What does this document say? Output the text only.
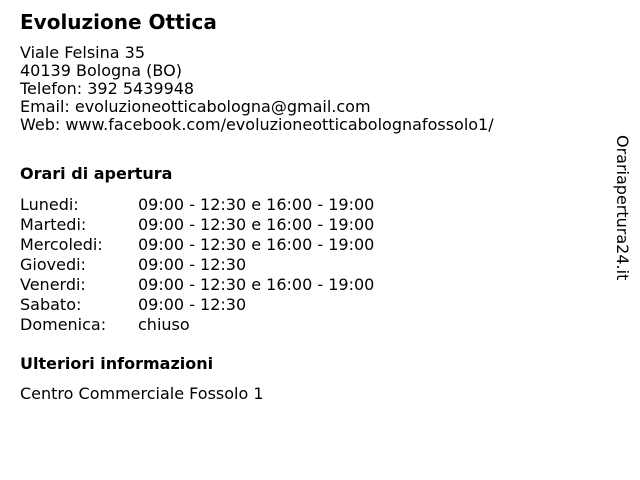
Evoluzione Ottica
Viale Felsina 35
40139 Bologna (BO)
Telefon: 392 5439948
Email: evoluzioneotticabologna@gmail.com
Web: www.facebook.com/evoluzioneotticabolognafossolo1/
Orari di apertura
Lunedi:	09:00 - 12:30 e 16:00 - 19:00
Martedi:	09:00 - 12:30 e 16:00 - 19:00
Mercoledi: 09:00 - 12:30 e 16:00 - 19:00
Giovedi:	09:00 - 12:30
Venerdi:	09:00 - 12:30 e 16:00 - 19:00
Sabato:	09:00 - 12:30
Domenica: chiuso
Ulteriori informazioni
Centro Commerciale Fossolo 1
Orariapertura24.it
